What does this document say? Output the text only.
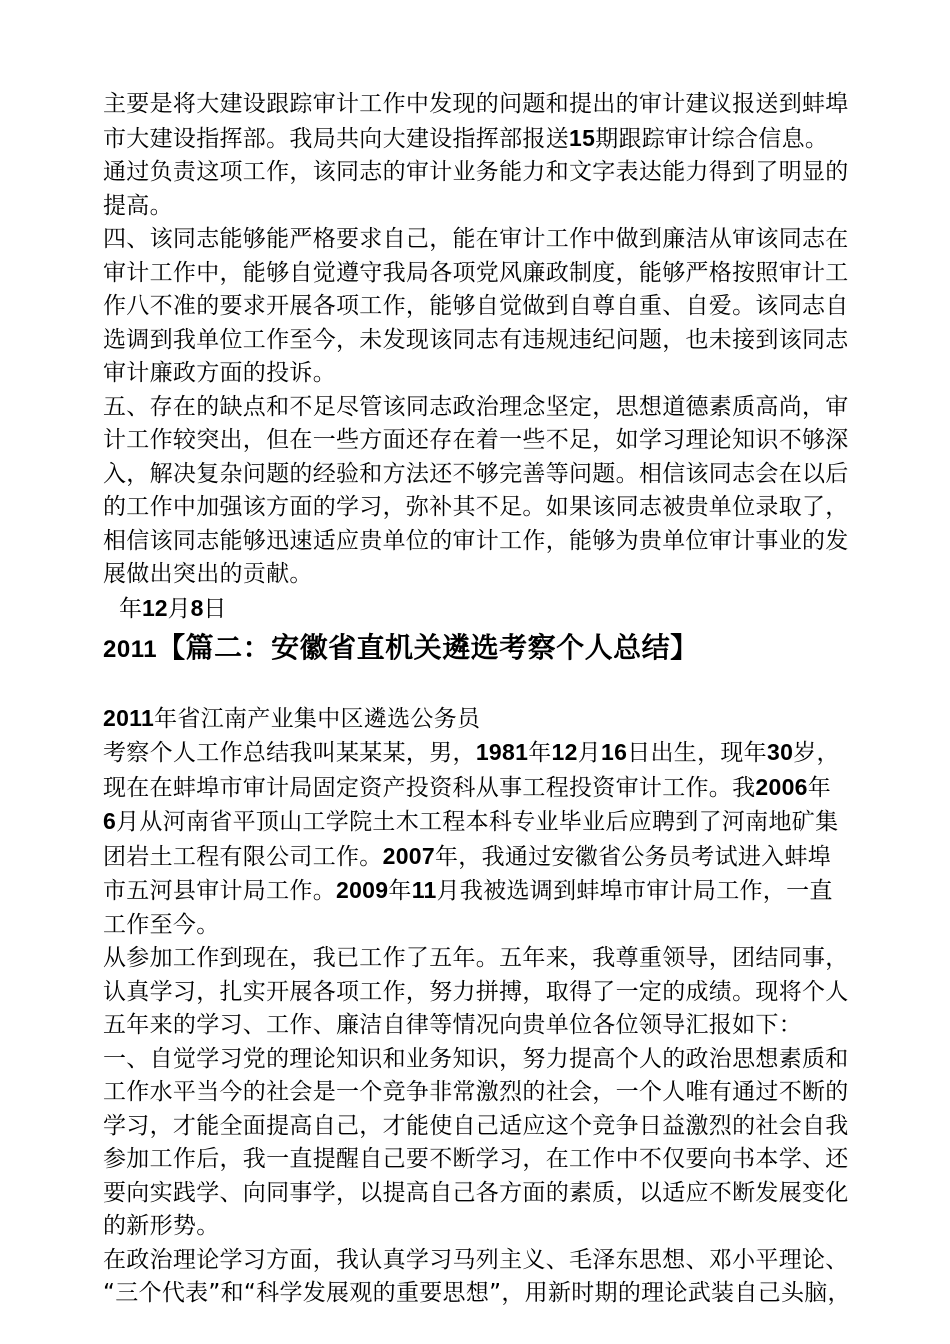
主要是将大建设跟踪审计工作中发现的问题和提出的审计建议报送到蚌埠

市大建设指挥部。我局共向大建设指挥部报送15期跟踪审计综合信息。

通过负责这项工作，该同志的审计业务能力和文字表达能力得到了明显的

提高。

四、该同志能够能严格要求自己，能在审计工作中做到廉洁从审该同志在

审计工作中，能够自觉遵守我局各项党风廉政制度，能够严格按照审计工

作八不准的要求开展各项工作，能够自觉做到自尊自重、自爱。该同志自

选调到我单位工作至今，未发现该同志有违规违纪问题，也未接到该同志

审计廉政方面的投诉。

五、存在的缺点和不足尽管该同志政治理念坚定，思想道德素质高尚，审

计工作较突出，但在一些方面还存在着一些不足，如学习理论知识不够深

入，解决复杂问题的经验和方法还不够完善等问题。相信该同志会在以后

的工作中加强该方面的学习，弥补其不足。如果该同志被贵单位录取了，

相信该同志能够迅速适应贵单位的审计工作，能够为贵单位审计事业的发

展做出突出的贡献。

年12月8日

2011【篇二：安徽省直机关遴选考察个人总结】

2011年省江南产业集中区遴选公务员

考察个人工作总结我叫某某某，男，1981年12月16日出生，现年30岁，

现在在蚌埠市审计局固定资产投资科从事工程投资审计工作。我2006年

6月从河南省平顶山工学院土木工程本科专业毕业后应聘到了河南地矿集

团岩土工程有限公司工作。2007年，我通过安徽省公务员考试进入蚌埠

市五河县审计局工作。2009年11月我被选调到蚌埠市审计局工作，一直

工作至今。

从参加工作到现在，我已工作了五年。五年来，我尊重领导，团结同事，

认真学习，扎实开展各项工作，努力拼搏，取得了一定的成绩。现将个人

五年来的学习、工作、廉洁自律等情况向贵单位各位领导汇报如下：

一、自觉学习党的理论知识和业务知识，努力提高个人的政治思想素质和

工作水平当今的社会是一个竞争非常激烈的社会，一个人唯有通过不断的

学习，才能全面提高自己，才能使自己适应这个竞争日益激烈的社会自我

参加工作后，我一直提醒自己要不断学习，在工作中不仅要向书本学、还

要向实践学、向同事学，以提高自己各方面的素质，以适应不断发展变化

的新形势。

在政治理论学习方面，我认真学习马列主义、毛泽东思想、邓小平理论、

“三个代表”和“科学发展观的重要思想”，用新时期的理论武装自己头脑，
